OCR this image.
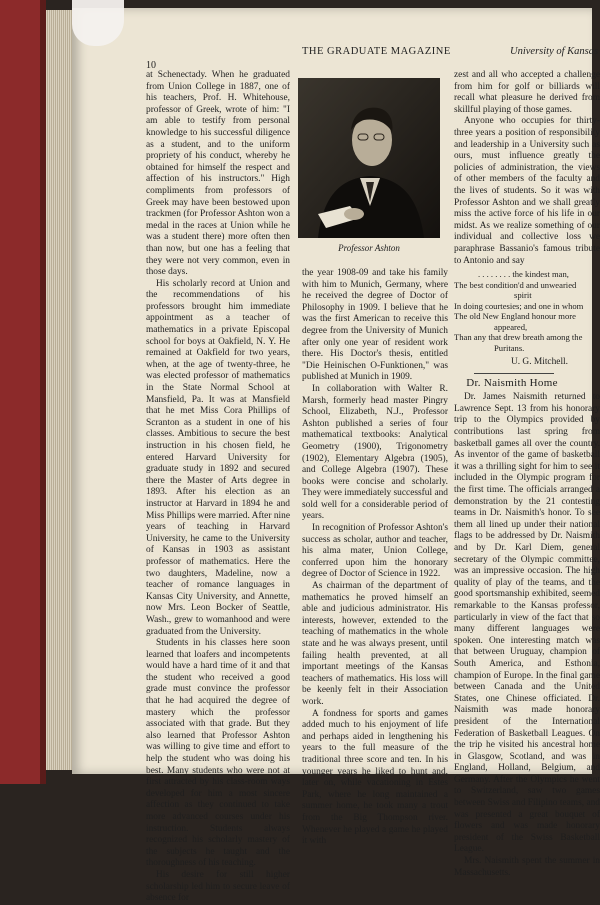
10
THE GRADUATE MAGAZINE	University of Kansas

at Schenectady. When he graduated from Union College in 1887, one of his teachers, Prof. H. Whitehouse, professor of Greek, wrote of him: "I am able to testify from personal knowledge to his successful diligence as a student, and to the uniform propriety of his conduct, whereby he obtained for himself the respect and affection of his instructors." High compliments from professors of Greek may have been bestowed upon trackmen (for Professor Ashton won a medal in the races at Union while he was a student there) more often then than now, but one has a feeling that they were not very common, even in those days.

His scholarly record at Union and the recommendations of his professors brought him immediate appointment as a teacher of mathematics in a private Episcopal school for boys at Oakfield, N. Y. He remained at Oakfield for two years, when, at the age of twenty-three, he was elected professor of mathematics in the State Normal School at Mansfield, Pa. It was at Mansfield that he met Miss Cora Phillips of Scranton as a student in one of his classes. Ambitious to secure the best instruction in his chosen field, he entered Harvard University for graduate study in 1892 and secured there the Master of Arts degree in 1893. After his election as an instructor at Harvard in 1894 he and Miss Phillips were married. After nine years of teaching in Harvard University, he came to the University of Kansas in 1903 as assistant professor of mathematics. Here the two daughters, Madeline, now a teacher of romance languages in Kansas City University, and Annette, now Mrs. Leon Bocker of Seattle, Wash., grew to womanhood and were graduated from the University.

Students in his classes here soon learned that loafers and incompetents would have a hard time of it and that the student who received a good grade must convince the professor that he had acquired the degree of mastery which the professor associated with that grade. But they also learned that Professor Ashton was willing to give time and effort to help the student who was doing his best. Many students who were not at first attracted by his class-room ways developed for him a most sincere affection as they continued to take more advanced courses under his instruction. Students always recognized his scholarly mastery of the subjects he taught and the thoroughness of his teaching.

His desire for still higher scholarship led him to secure leave of absence for

Professor Ashton

the year 1908-09 and take his family with him to Munich, Germany, where he received the degree of Doctor of Philosophy in 1909. I believe that he was the first American to receive this degree from the University of Munich after only one year of resident work there. His Doctor's thesis, entitled "Die Heinischen O-Funktionen," was published at Munich in 1909.

In collaboration with Walter R. Marsh, formerly head master Pingry School, Elizabeth, N.J., Professor Ashton published a series of four mathematical textbooks: Analytical Geometry (1900), Trigonometry (1902), Elementary Algebra (1905), and College Algebra (1907). These books were concise and scholarly. They were immediately successful and sold well for a considerable period of years.

In recognition of Professor Ashton's success as scholar, author and teacher, his alma mater, Union College, conferred upon him the honorary degree of Doctor of Science in 1922.

As chairman of the department of mathematics he proved himself an able and judicious administrator. His interests, however, extended to the teaching of mathematics in the whole state and he was always present, until failing health prevented, at all important meetings of the Kansas teachers of mathematics. His loss will be keenly felt in their Association work.

A fondness for sports and games added much to his enjoyment of life and perhaps aided in lengthening his years to the full measure of the traditional three score and ten. In his younger years he liked to hunt and, later on, while vacationing in Estes Park, where he long maintained a summer home, he took many a trout from the Big Thompson river. Whenever he played a game he played it with

zest and all who accepted a challenge from him for golf or billiards will recall what pleasure he derived from skillful playing of those games.

Anyone who occupies for thirty-three years a position of responsibility and leadership in a University such as ours, must influence greatly the policies of administration, the views of other members of the faculty and the lives of students. So it was with Professor Ashton and we shall greatly miss the active force of his life in our midst. As we realize something of our individual and collective loss we paraphrase Bassanio's famous tribute to Antonio and say

. . . . . . . . the kindest man,
The best condition'd and unwearied
spirit
In doing courtesies; and one in whom
The old New England honour more
appeared,
Than any that drew breath among the
Puritans.
U. G. Mitchell.
Dr. Naismith Home

Dr. James Naismith returned to Lawrence Sept. 13 from his honorary trip to the Olympics provided by contributions last spring from basketball games all over the country. As inventor of the game of basketball it was a thrilling sight for him to see it included in the Olympic program for the first time. The officials arranged a demonstration by the 21 contesting teams in Dr. Naismith's honor. To see them all lined up under their national flags to be addressed by Dr. Naismith and by Dr. Karl Diem, general secretary of the Olympic committee, was an impressive occasion. The high quality of play of the teams, and the good sportsmanship exhibited, seemed remarkable to the Kansas professor, particularly in view of the fact that so many different languages were spoken. One interesting match was that between Uruguay, champion of South America, and Esthonia, champion of Europe. In the final game between Canada and the United States, one Chinese officiated. Dr. Naismith was made honorary president of the International Federation of Basketball Leagues. On the trip he visited his ancestral home in Glasgow, Scotland, and was in England, Holland, Belgium, and Germany. After the Olympics he went to Switzerland, saw two games between Swiss and Filipino teams, and was presented a great bouquet of flowers and was made honorary president of the Swiss Basketball League.

Mrs. Naismith spent the summer in Massachusetts.
